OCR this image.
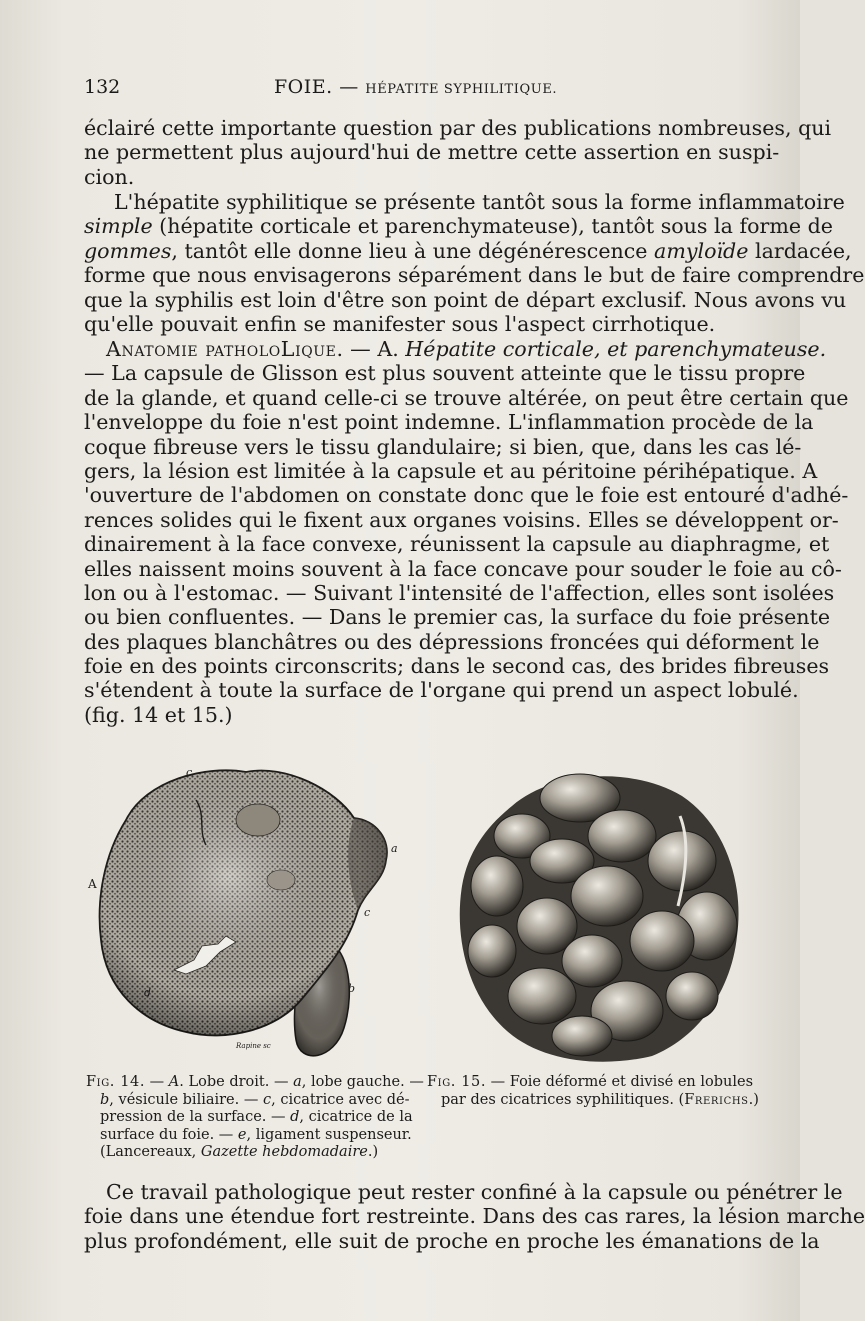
132	FOIE. — HÉPATITE SYPHILITIQUE.
éclairé cette importante question par des publications nombreuses, qui
ne permettent plus aujourd'hui de mettre cette assertion en suspi-
cion.
L'hépatite syphilitique se présente tantôt sous la forme inflammatoire
simple (hépatite corticale et parenchymateuse), tantôt sous la forme de
gommes, tantôt elle donne lieu à une dégénérescence amyloïde lardacée,
forme que nous envisagerons séparément dans le but de faire comprendre
que la syphilis est loin d'être son point de départ exclusif. Nous avons vu
qu'elle pouvait enfin se manifester sous l'aspect cirrhotique.
Anatomie patholoLique. — A. Hépatite corticale, et parenchymateuse.
— La capsule de Glisson est plus souvent atteinte que le tissu propre
de la glande, et quand celle-ci se trouve altérée, on peut être certain que
l'enveloppe du foie n'est point indemne. L'inflammation procède de la
coque fibreuse vers le tissu glandulaire; si bien, que, dans les cas lé-
gers, la lésion est limitée à la capsule et au péritoine périhépatique. A
'ouverture de l'abdomen on constate donc que le foie est entouré d'adhé-
rences solides qui le fixent aux organes voisins. Elles se développent or-
dinairement à la face convexe, réunissent la capsule au diaphragme, et
elles naissent moins souvent à la face concave pour souder le foie au cô-
lon ou à l'estomac. — Suivant l'intensité de l'affection, elles sont isolées
ou bien confluentes. — Dans le premier cas, la surface du foie présente
des plaques blanchâtres ou des dépressions froncées qui déforment le
foie en des points circonscrits; dans le second cas, des brides fibreuses
s'étendent à toute la surface de l'organe qui prend un aspect lobulé.
(fig. 14 et 15.)
c
A
a
c
b
d
Rapine sc
Fig. 14. — A. Lobe droit. — a, lobe gauche. —
b, vésicule biliaire. — c, cicatrice avec dé-
pression de la surface. — d, cicatrice de la
surface du foie. — e, ligament suspenseur.
(Lancereaux, Gazette hebdomadaire.)
Fig. 15. — Foie déformé et divisé en lobules
par des cicatrices syphilitiques. (Frerichs.)
Ce travail pathologique peut rester confiné à la capsule ou pénétrer le
foie dans une étendue fort restreinte. Dans des cas rares, la lésion marche
plus profondément, elle suit de proche en proche les émanations de la
